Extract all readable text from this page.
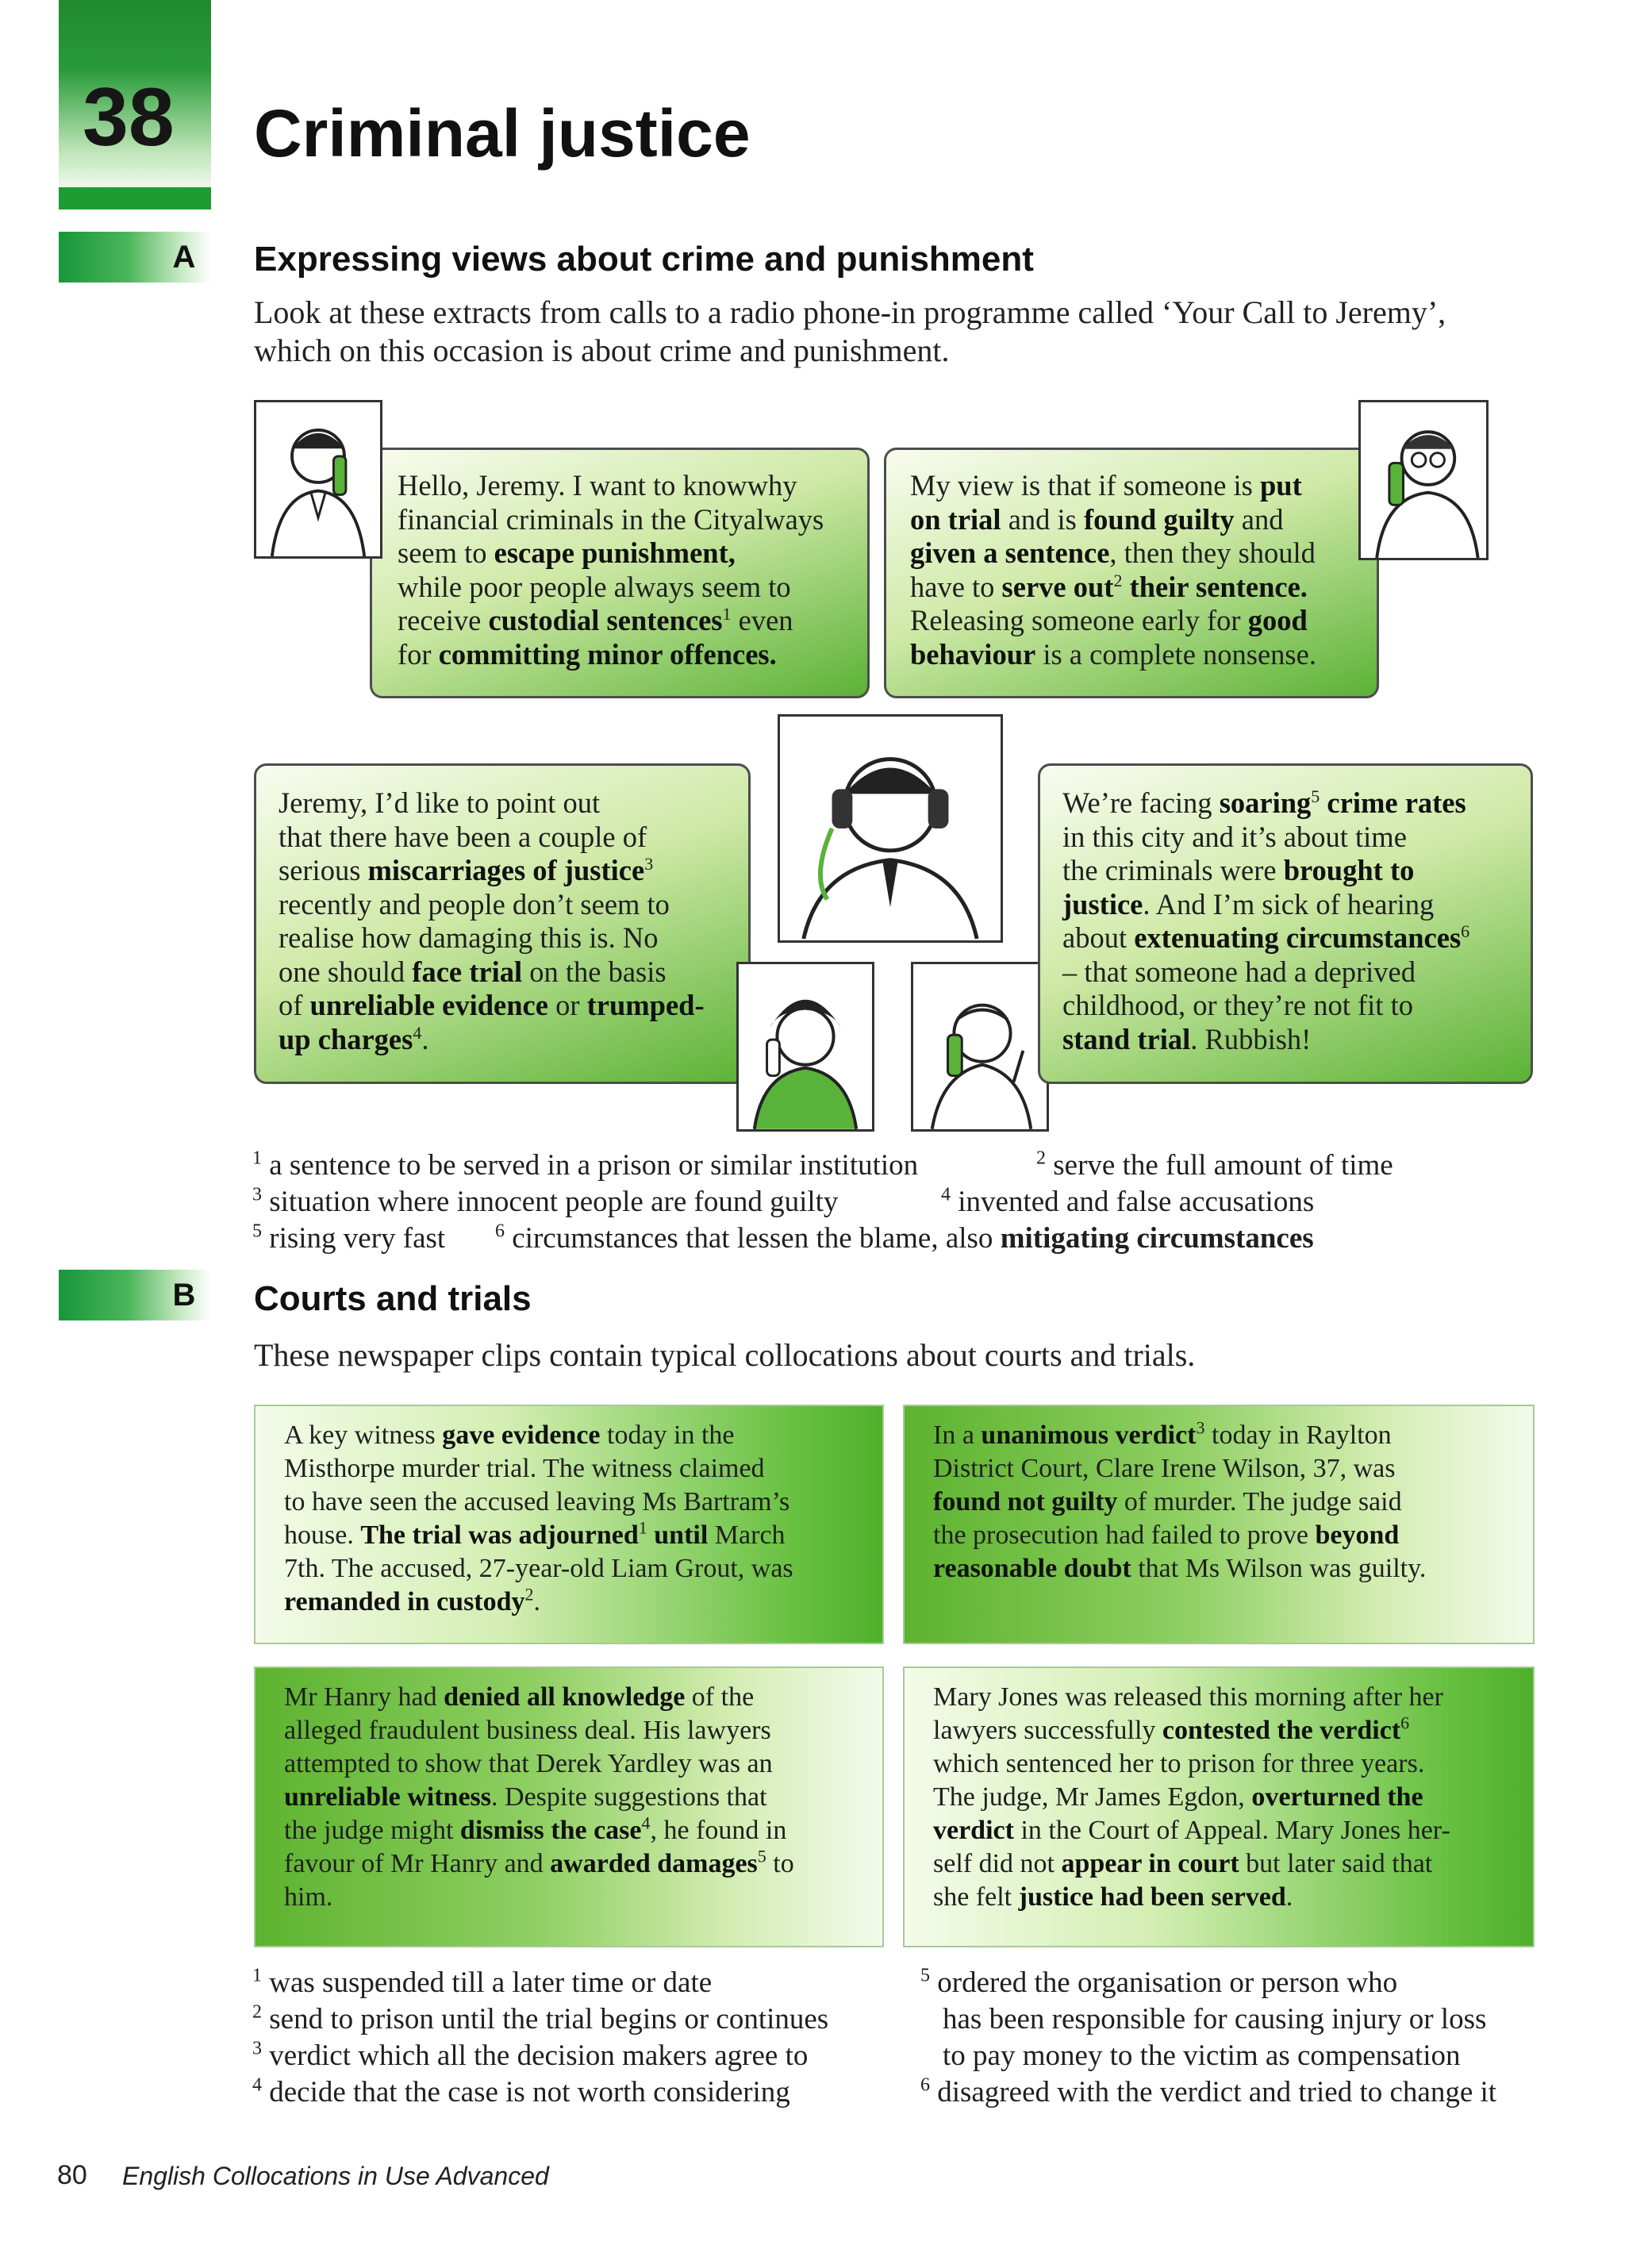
38	Criminal justice
A	Expressing views about crime and punishment
Look at these extracts from calls to a radio phone-in programme called ‘Your Call to Jeremy’, which on this occasion is about crime and punishment.
Hello, Jeremy. I want to knowwhy financial criminals in the Cityalways seem to escape punishment,
while poor people always seem to
receive custodial sentences$^1$ even
for committing minor offences.
My view is that if someone is put
on trial and is found guilty and
given a sentence, then they should
have to serve out$^2$ their sentence.
Releasing someone early for good
behaviour is a complete nonsense.
Jeremy, I’d like to point out
that there have been a couple of
serious miscarriages of justice$^3$
recently and people don’t seem to
realise how damaging this is. No
one should face trial on the basis
of unreliable evidence or trumped-
up charges$^4$.
We’re facing soaring$^5$ crime rates
in this city and it’s about time
the criminals were brought to
justice. And I’m sick of hearing
about extenuating circumstances$^6$
– that someone had a deprived
childhood, or they’re not fit to
stand trial. Rubbish!
$^1$ a sentence to be served in a prison or similar institution	$^2$ serve the full amount of time
$^3$ situation where innocent people are found guilty	$^4$ invented and false accusations
$^5$ rising very fast	$^6$ circumstances that lessen the blame, also mitigating circumstances
B	Courts and trials
These newspaper clips contain typical collocations about courts and trials.
A key witness gave evidence today in the
Misthorpe murder trial. The witness claimed
to have seen the accused leaving Ms Bartram’s
house. The trial was adjourned$^1$ until March
7th. The accused, 27-year-old Liam Grout, was
remanded in custody$^2$.
In a unanimous verdict$^3$ today in Raylton
District Court, Clare Irene Wilson, 37, was
found not guilty of murder. The judge said
the prosecution had failed to prove beyond
reasonable doubt that Ms Wilson was guilty.
Mr Hanry had denied all knowledge of the
alleged fraudulent business deal. His lawyers
attempted to show that Derek Yardley was an
unreliable witness. Despite suggestions that
the judge might dismiss the case$^4$, he found in
favour of Mr Hanry and awarded damages$^5$ to
him.
Mary Jones was released this morning after her
lawyers successfully contested the verdict$^6$
which sentenced her to prison for three years.
The judge, Mr James Egdon, overturned the
verdict in the Court of Appeal. Mary Jones her-
self did not appear in court but later said that
she felt justice had been served.
$^1$ was suspended till a later time or date
$^2$ send to prison until the trial begins or continues
$^3$ verdict which all the decision makers agree to
$^4$ decide that the case is not worth considering
$^5$ ordered the organisation or person who
has been responsible for causing injury or loss
to pay money to the victim as compensation
$^6$ disagreed with the verdict and tried to change it
80 English Collocations in Use Advanced
